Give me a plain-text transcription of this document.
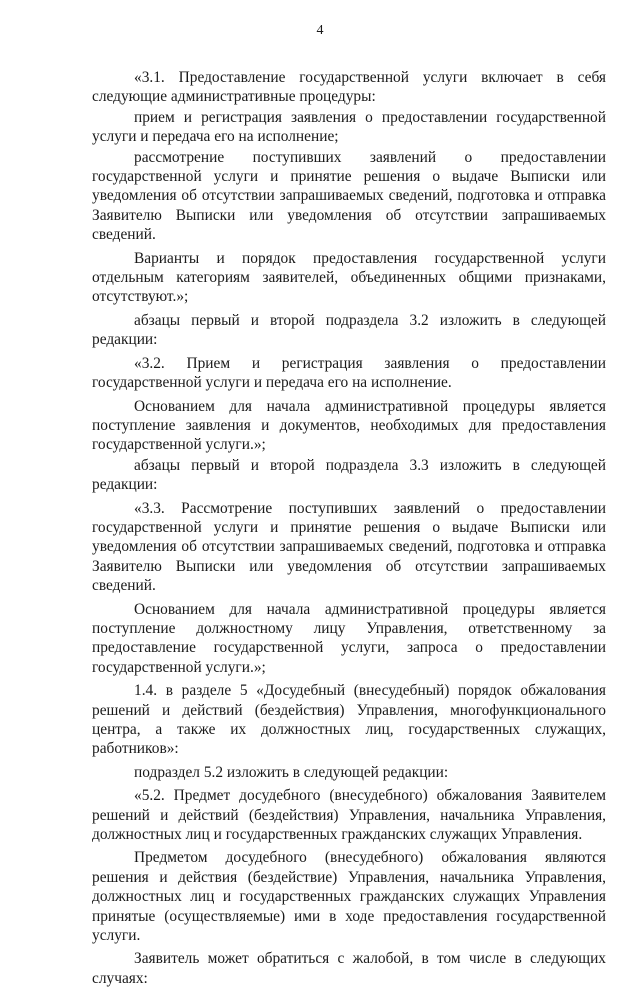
4

«3.1. Предоставление государственной услуги включает в себя следующие административные процедуры:

прием и регистрация заявления о предоставлении государственной услуги и передача его на исполнение;

рассмотрение поступивших заявлений о предоставлении государственной услуги и принятие решения о выдаче Выписки или уведомления об отсутствии запрашиваемых сведений, подготовка и отправка Заявителю Выписки или уведомления об отсутствии запрашиваемых сведений.

Варианты и порядок предоставления государственной услуги отдельным категориям заявителей, объединенных общими признаками, отсутствуют.»;

абзацы первый и второй подраздела 3.2 изложить в следующей редакции:

«3.2. Прием и регистрация заявления о предоставлении государственной услуги и передача его на исполнение.

Основанием для начала административной процедуры является поступление заявления и документов, необходимых для предоставления государственной услуги.»;

абзацы первый и второй подраздела 3.3 изложить в следующей редакции:

«3.3. Рассмотрение поступивших заявлений о предоставлении государственной услуги и принятие решения о выдаче Выписки или уведомления об отсутствии запрашиваемых сведений, подготовка и отправка Заявителю Выписки или уведомления об отсутствии запрашиваемых сведений.

Основанием для начала административной процедуры является поступление должностному лицу Управления, ответственному за предоставление государственной услуги, запроса о предоставлении государственной услуги.»;

1.4. в разделе 5 «Досудебный (внесудебный) порядок обжалования решений и действий (бездействия) Управления, многофункционального центра, а также их должностных лиц, государственных служащих, работников»:

подраздел 5.2 изложить в следующей редакции:

«5.2. Предмет досудебного (внесудебного) обжалования Заявителем решений и действий (бездействия) Управления, начальника Управления, должностных лиц и государственных гражданских служащих Управления.

Предметом досудебного (внесудебного) обжалования являются решения и действия (бездействие) Управления, начальника Управления, должностных лиц и государственных гражданских служащих Управления принятые (осуществляемые) ими в ходе предоставления государственной услуги.

Заявитель может обратиться с жалобой, в том числе в следующих случаях:
